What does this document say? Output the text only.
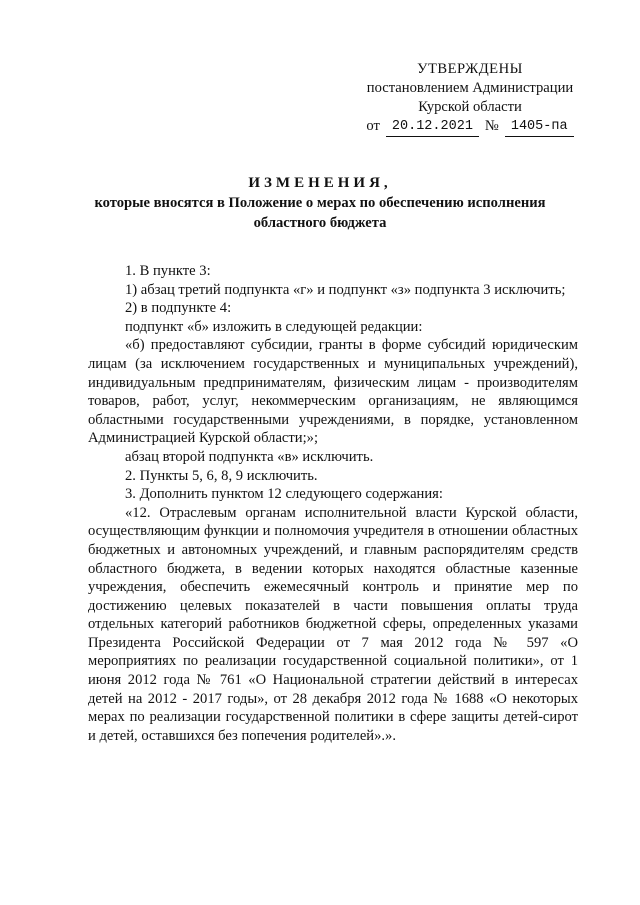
УТВЕРЖДЕНЫ
постановлением Администрации
Курской области
от 20.12.2021 № 1405-па
ИЗМЕНЕНИЯ,
которые вносятся в Положение о мерах по обеспечению исполнения
областного бюджета

1. В пункте 3:

1) абзац третий подпункта «г» и подпункт «з» подпункта 3 исключить;

2) в подпункте 4:

подпункт «б» изложить в следующей редакции:

«б) предоставляют субсидии, гранты в форме субсидий юридическим лицам (за исключением государственных и муниципальных учреждений), индивидуальным предпринимателям, физическим лицам - производителям товаров, работ, услуг, некоммерческим организациям, не являющимся областными государственными учреждениями, в порядке, установленном Администрацией Курской области;»;

абзац второй подпункта «в» исключить.

2. Пункты 5, 6, 8, 9 исключить.

3. Дополнить пунктом 12 следующего содержания:

«12. Отраслевым органам исполнительной власти Курской области, осуществляющим функции и полномочия учредителя в отношении областных бюджетных и автономных учреждений, и главным распорядителям средств областного бюджета, в ведении которых находятся областные казенные учреждения, обеспечить ежемесячный контроль и принятие мер по достижению целевых показателей в части повышения оплаты труда отдельных категорий работников бюджетной сферы, определенных указами Президента Российской Федерации от 7 мая 2012 года № 597 «О мероприятиях по реализации государственной социальной политики», от 1 июня 2012 года № 761 «О Национальной стратегии действий в интересах детей на 2012 - 2017 годы», от 28 декабря 2012 года № 1688 «О некоторых мерах по реализации государственной политики в сфере защиты детей-сирот и детей, оставшихся без попечения родителей».».
